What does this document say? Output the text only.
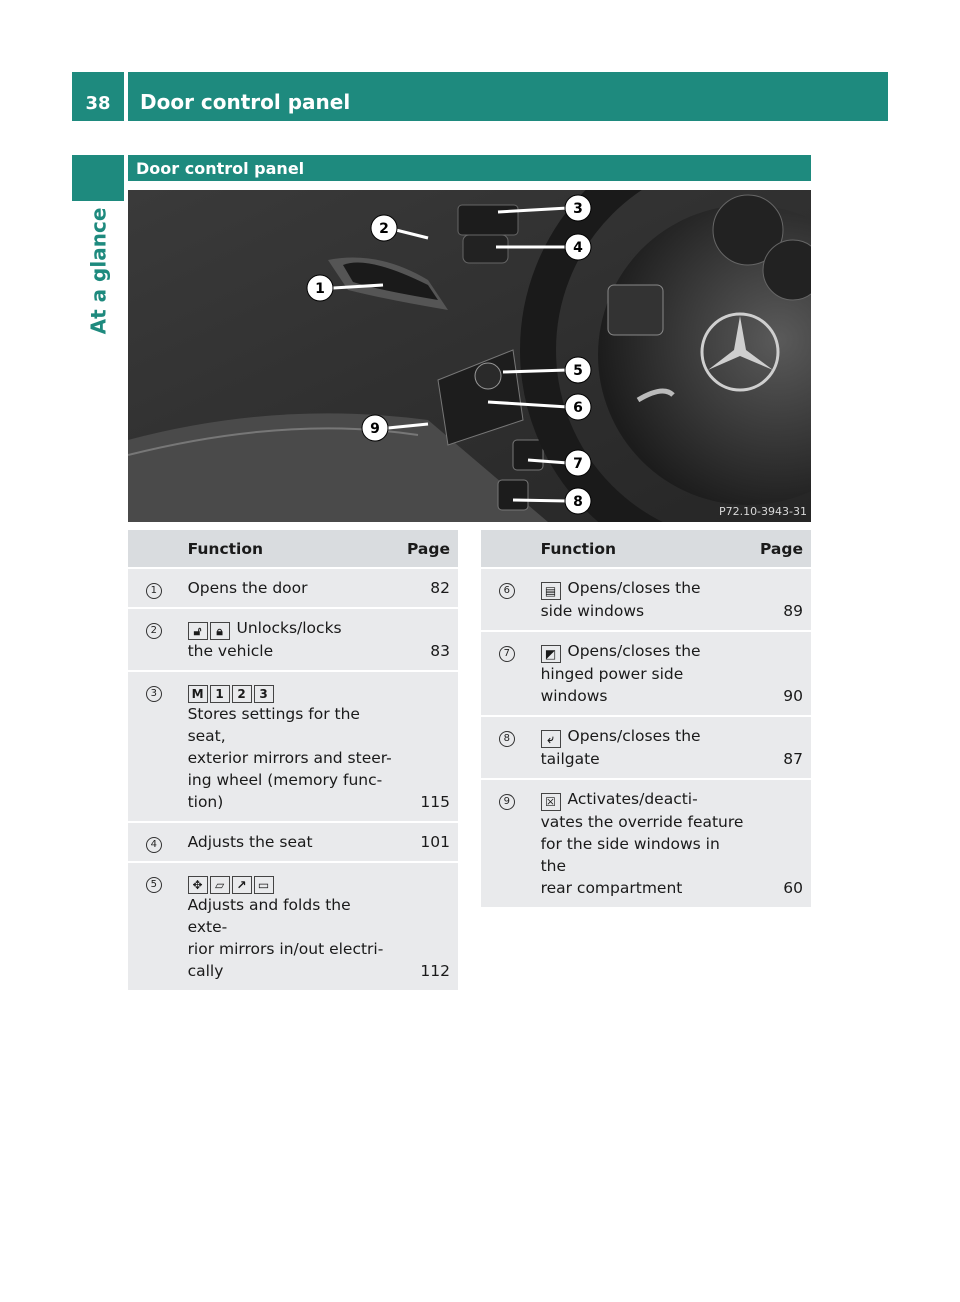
38	Door control panel
At a glance
Door control panel
1
2
3
4
5
6
7
8
9
P72.10-3943-31
	Function	Page
1	Opens the door	82
2	🔓︎ 🔒︎ Unlocks/locks
the vehicle	83
3	M 1 2 3
Stores settings for the seat,
exterior mirrors and steer-
ing wheel (memory func-
tion)	115
4	Adjusts the seat	101
5	✥ ▱ ↗ ▭
Adjusts and folds the exte-
rior mirrors in/out electri-
cally	112
	Function	Page
6	▤ Opens/closes the
side windows	89
7	◩ Opens/closes the
hinged power side windows	90
8	⤶ Opens/closes the
tailgate	87
9	☒ Activates/deacti-
vates the override feature
for the side windows in the
rear compartment	60
